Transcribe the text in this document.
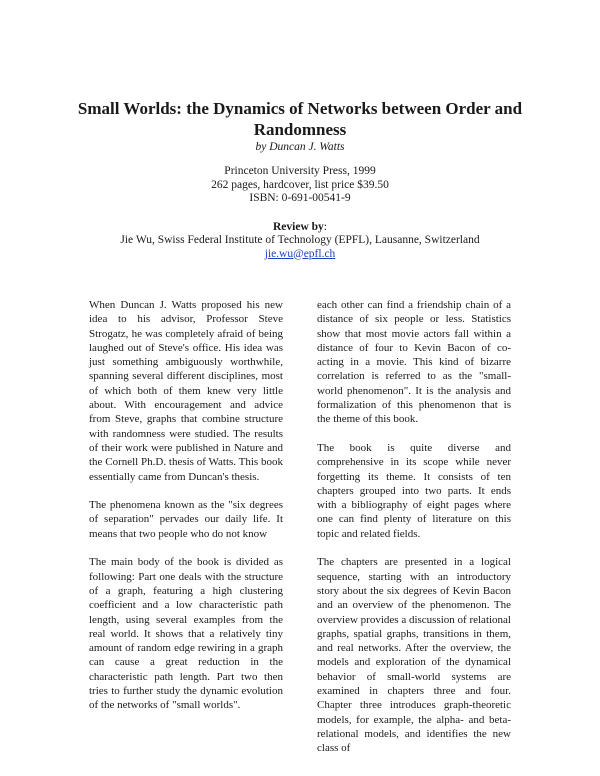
Small Worlds: the Dynamics of Networks between Order and Randomness
by Duncan J. Watts
Princeton University Press, 1999
262 pages, hardcover, list price $39.50
ISBN: 0-691-00541-9
Review by:
Jie Wu, Swiss Federal Institute of Technology (EPFL), Lausanne, Switzerland
jie.wu@epfl.ch

When Duncan J. Watts proposed his new idea to his advisor, Professor Steve Strogatz, he was completely afraid of being laughed out of Steve's office. His idea was just something ambiguously worthwhile, spanning several different disciplines, most of which both of them knew very little about. With encouragement and advice from Steve, graphs that combine structure with randomness were studied. The results of their work were published in Nature and the Cornell Ph.D. thesis of Watts. This book essentially came from Duncan's thesis.

The phenomena known as the "six degrees of separation" pervades our daily life. It means that two people who do not know

The main body of the book is divided as following: Part one deals with the structure of a graph, featuring a high clustering coefficient and a low characteristic path length, using several examples from the real world. It shows that a relatively tiny amount of random edge rewiring in a graph can cause a great reduction in the characteristic path length. Part two then tries to further study the dynamic evolution of the networks of "small worlds".

each other can find a friendship chain of a distance of six people or less. Statistics show that most movie actors fall within a distance of four to Kevin Bacon of co-acting in a movie. This kind of bizarre correlation is referred to as the "small-world phenomenon". It is the analysis and formalization of this phenomenon that is the theme of this book.

The book is quite diverse and comprehensive in its scope while never forgetting its theme. It consists of ten chapters grouped into two parts. It ends with a bibliography of eight pages where one can find plenty of literature on this topic and related fields.

The chapters are presented in a logical sequence, starting with an introductory story about the six degrees of Kevin Bacon and an overview of the phenomenon. The overview provides a discussion of relational graphs, spatial graphs, transitions in them, and real networks. After the overview, the models and exploration of the dynamical behavior of small-world systems are examined in chapters three and four. Chapter three introduces graph-theoretic models, for example, the alpha- and beta-relational models, and identifies the new class of
